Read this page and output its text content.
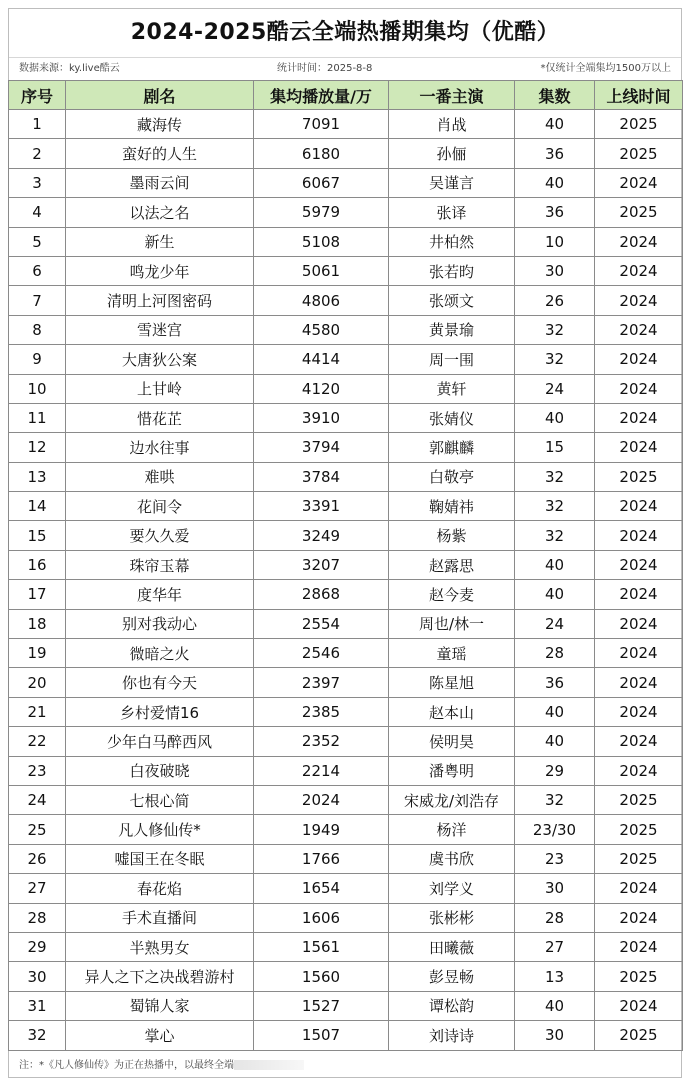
2024-2025酷云全端热播期集均（优酷）
数据来源：ky.live酷云	统计时间：2025-8-8	*仅统计全端集均1500万以上
序号	剧名	集均播放量/万	一番主演	集数	上线时间
1	藏海传	7091	肖战	40	2025
2	蛮好的人生	6180	孙俪	36	2025
3	墨雨云间	6067	吴谨言	40	2024
4	以法之名	5979	张译	36	2025
5	新生	5108	井柏然	10	2024
6	鸣龙少年	5061	张若昀	30	2024
7	清明上河图密码	4806	张颂文	26	2024
8	雪迷宫	4580	黄景瑜	32	2024
9	大唐狄公案	4414	周一围	32	2024
10	上甘岭	4120	黄轩	24	2024
11	惜花芷	3910	张婧仪	40	2024
12	边水往事	3794	郭麒麟	15	2024
13	难哄	3784	白敬亭	32	2025
14	花间令	3391	鞠婧祎	32	2024
15	要久久爱	3249	杨紫	32	2024
16	珠帘玉幕	3207	赵露思	40	2024
17	度华年	2868	赵今麦	40	2024
18	别对我动心	2554	周也/林一	24	2024
19	微暗之火	2546	童瑶	28	2024
20	你也有今天	2397	陈星旭	36	2024
21	乡村爱情16	2385	赵本山	40	2024
22	少年白马醉西风	2352	侯明昊	40	2024
23	白夜破晓	2214	潘粤明	29	2024
24	七根心简	2024	宋威龙/刘浩存	32	2025
25	凡人修仙传*	1949	杨洋	23/30	2025
26	嘘国王在冬眠	1766	虞书欣	23	2025
27	春花焰	1654	刘学义	30	2024
28	手术直播间	1606	张彬彬	28	2024
29	半熟男女	1561	田曦薇	27	2024
30	异人之下之决战碧游村	1560	彭昱畅	13	2025
31	蜀锦人家	1527	谭松韵	40	2024
32	掌心	1507	刘诗诗	30	2025
注：*《凡人修仙传》为正在热播中，以最终全端
